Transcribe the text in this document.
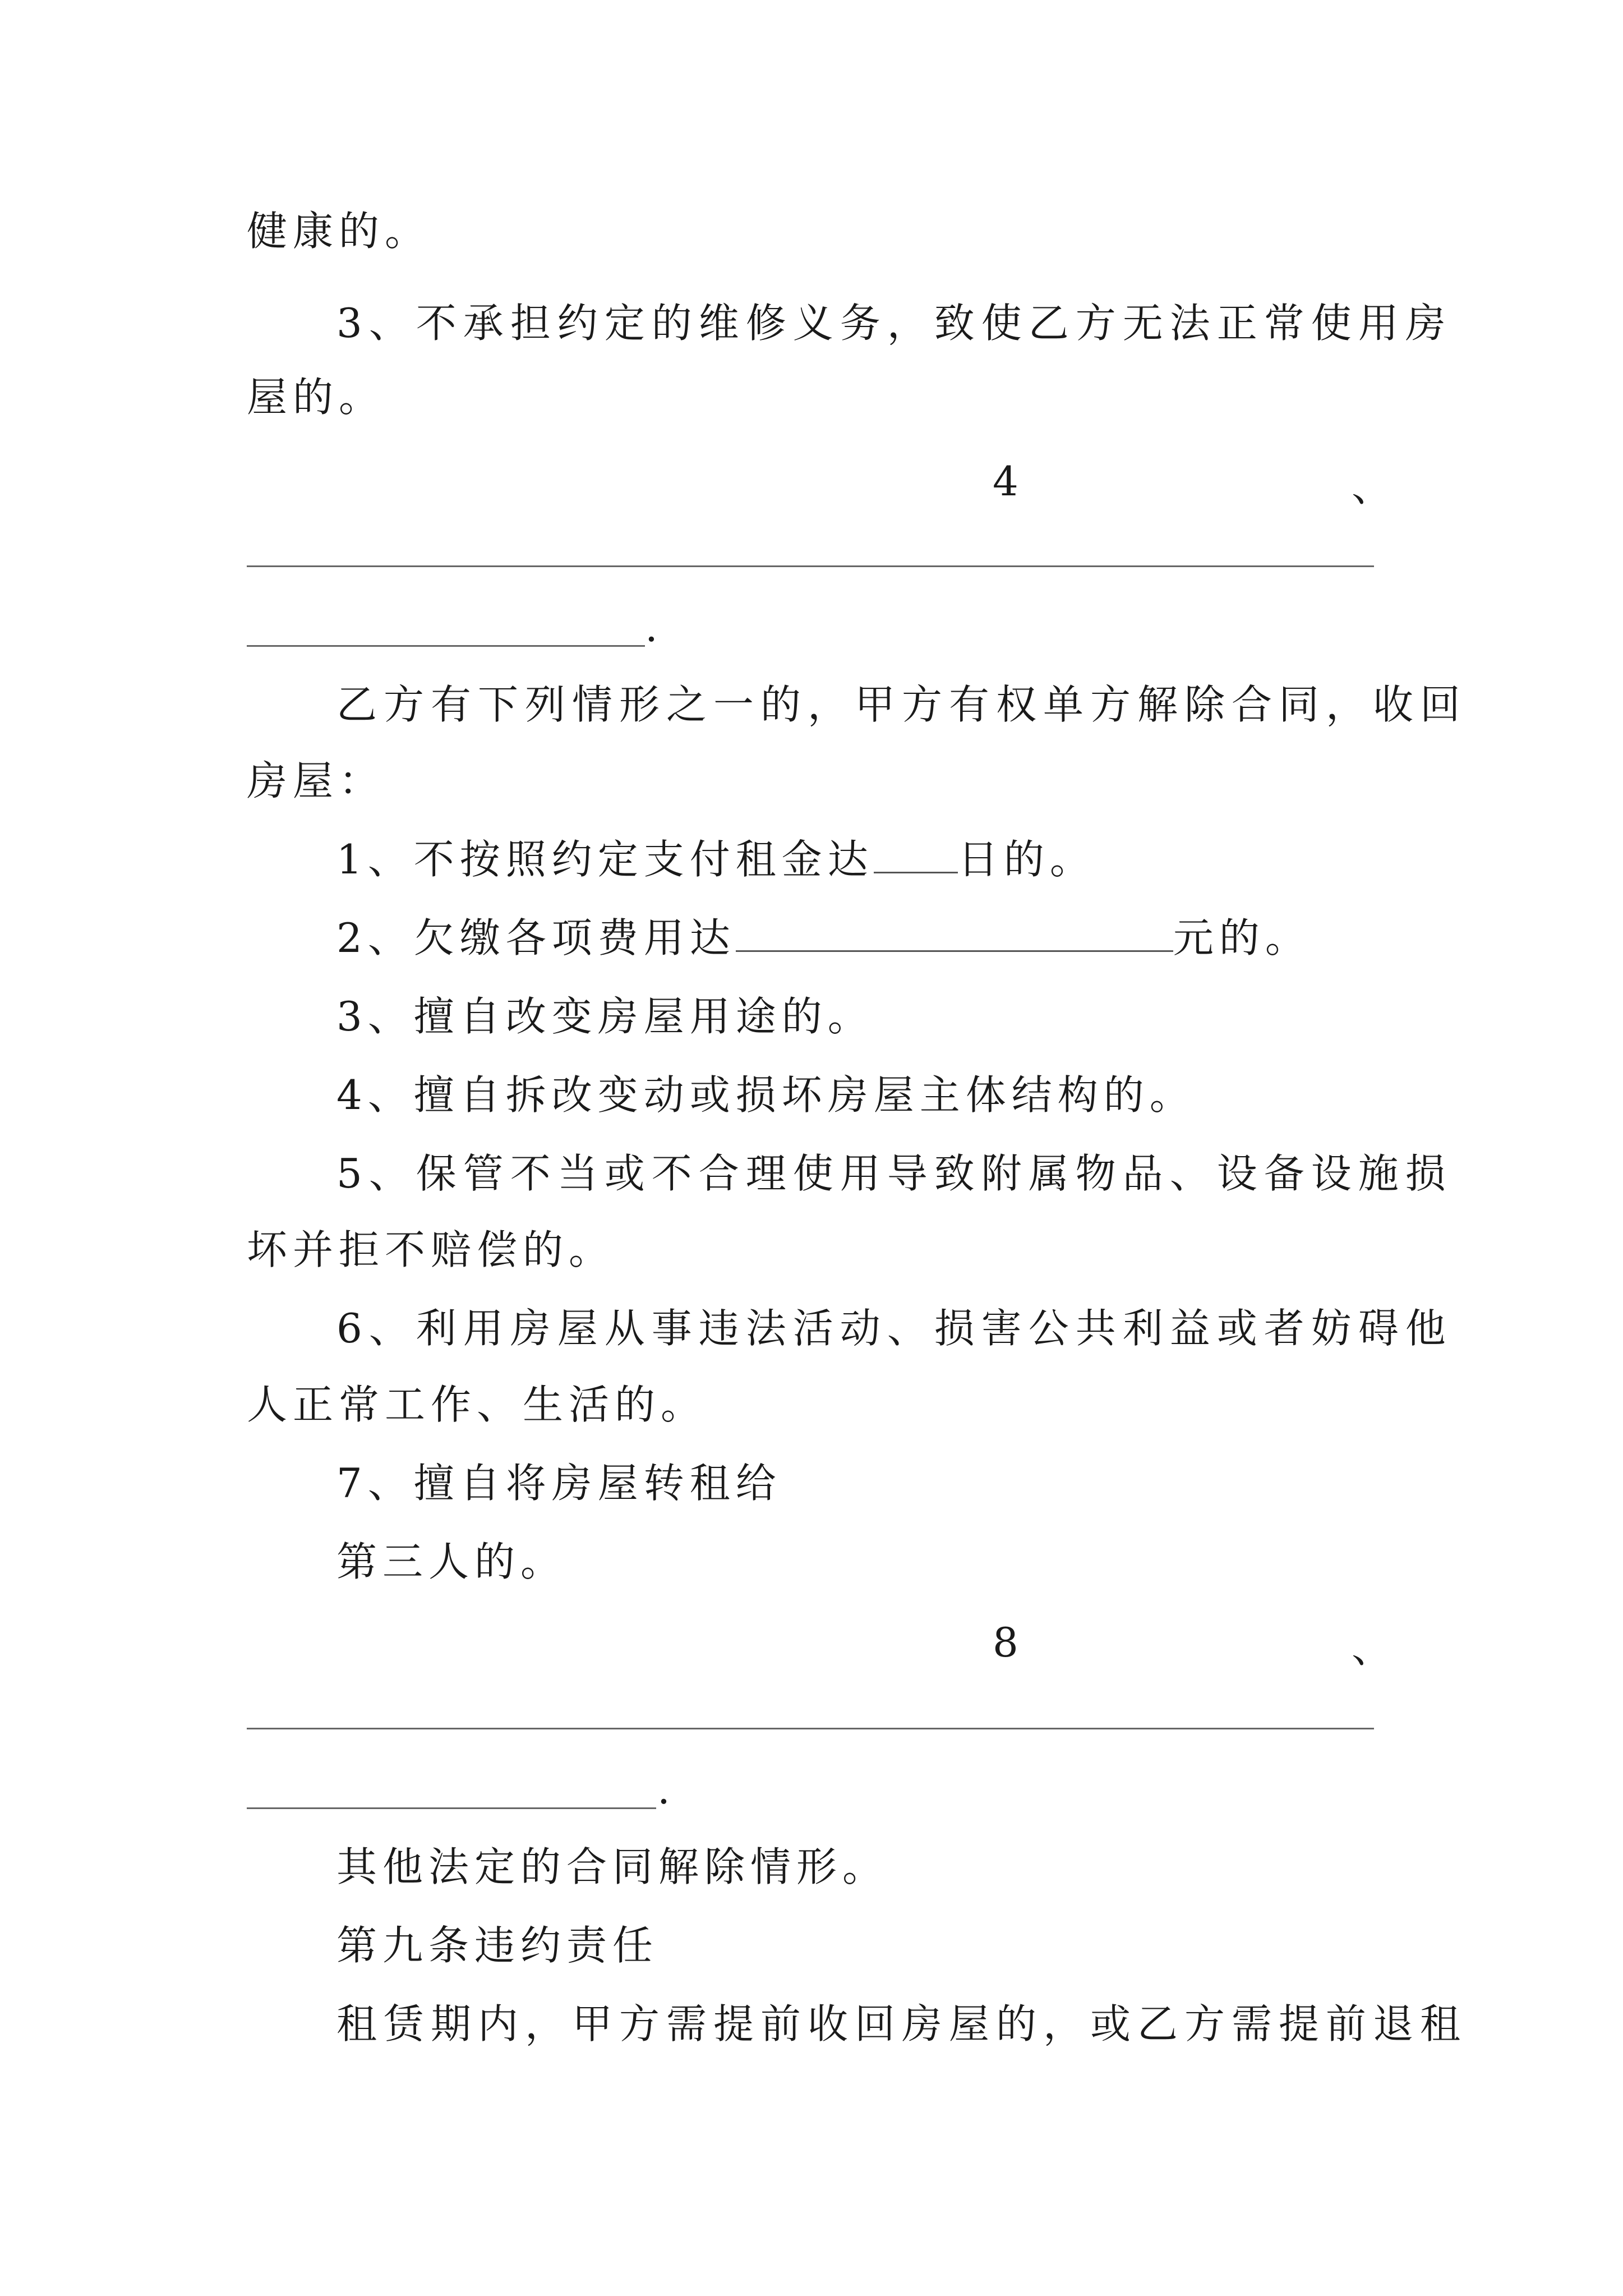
健康的。
3、不承担约定的维修义务，致使乙方无法正常使用房
屋的。
4	、
.
乙方有下列情形之一的，甲方有权单方解除合同，收回
房屋：
1、不按照约定支付租金达 日的。
2、欠缴各项费用达	元的。
3、擅自改变房屋用途的。
4、擅自拆改变动或损坏房屋主体结构的。
5、保管不当或不合理使用导致附属物品、设备设施损
坏并拒不赔偿的。
6、利用房屋从事违法活动、损害公共利益或者妨碍他
人正常工作、生活的。
7、擅自将房屋转租给
第三人的。
8	、
.
其他法定的合同解除情形。
第九条违约责任
租赁期内，甲方需提前收回房屋的，或乙方需提前退租
